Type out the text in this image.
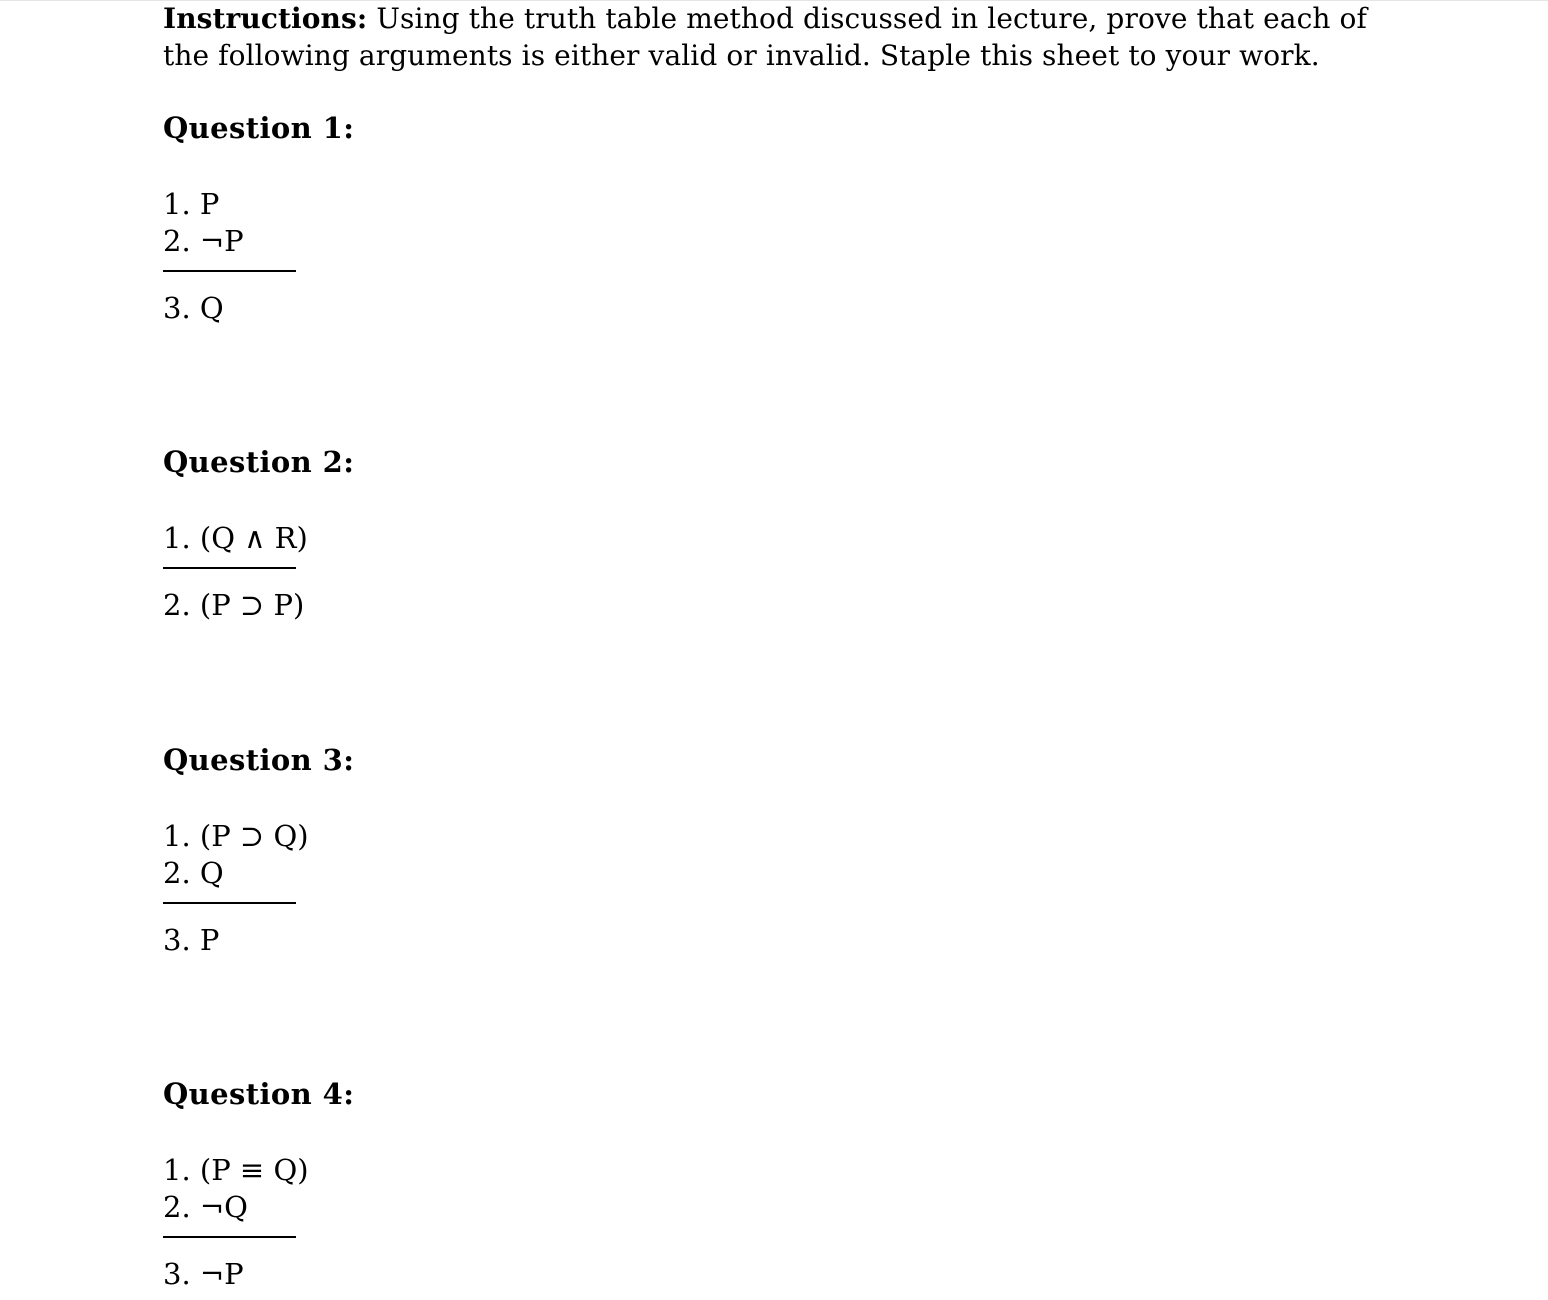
Instructions: Using the truth table method discussed in lecture, prove that each of the following arguments is either valid or invalid. Staple this sheet to your work.
Question 1:
1. P
2. ¬P
3. Q
Question 2:
1. (Q ∧ R)
2. (P ⊃ P)
Question 3:
1. (P ⊃ Q)
2. Q
3. P
Question 4:
1. (P ≡ Q)
2. ¬Q
3. ¬P
